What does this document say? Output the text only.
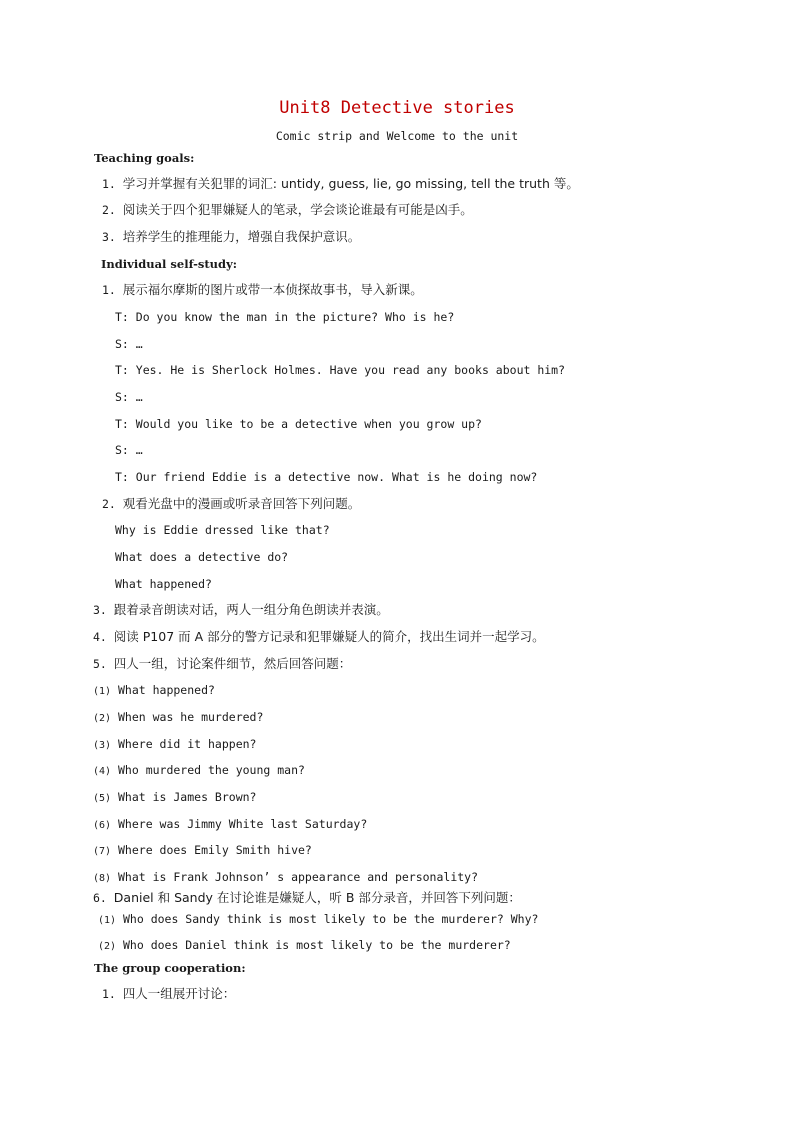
Unit8 Detective stories
Comic strip and Welcome to the unit
Teaching goals:
1. 学习并掌握有关犯罪的词汇: untidy, guess, lie, go missing, tell the truth 等。
2. 阅读关于四个犯罪嫌疑人的笔录，学会谈论谁最有可能是凶手。
3. 培养学生的推理能力，增强自我保护意识。
Individual self-study:
1. 展示福尔摩斯的图片或带一本侦探故事书，导入新课。
T: Do you know the man in the picture? Who is he?
S: …
T: Yes. He is Sherlock Holmes. Have you read any books about him?
S: …
T: Would you like to be a detective when you grow up?
S: …
T: Our friend Eddie is a detective now. What is he doing now?
2. 观看光盘中的漫画或听录音回答下列问题。
Why is Eddie dressed like that?
What does a detective do?
What happened?
3. 跟着录音朗读对话，两人一组分角色朗读并表演。
4. 阅读 P107 而 A 部分的警方记录和犯罪嫌疑人的简介，找出生词并一起学习。
5. 四人一组，讨论案件细节，然后回答问题：
(1) What happened?
(2) When was he murdered?
(3) Where did it happen?
(4) Who murdered the young man?
(5) What is James Brown?
(6) Where was Jimmy White last Saturday?
(7) Where does Emily Smith hive?
(8) What is Frank Johnson’ s appearance and personality?
6. Daniel 和 Sandy 在讨论谁是嫌疑人，听 B 部分录音，并回答下列问题：
(1) Who does Sandy think is most likely to be the murderer? Why?
(2) Who does Daniel think is most likely to be the murderer?
The group cooperation:
1. 四人一组展开讨论：
